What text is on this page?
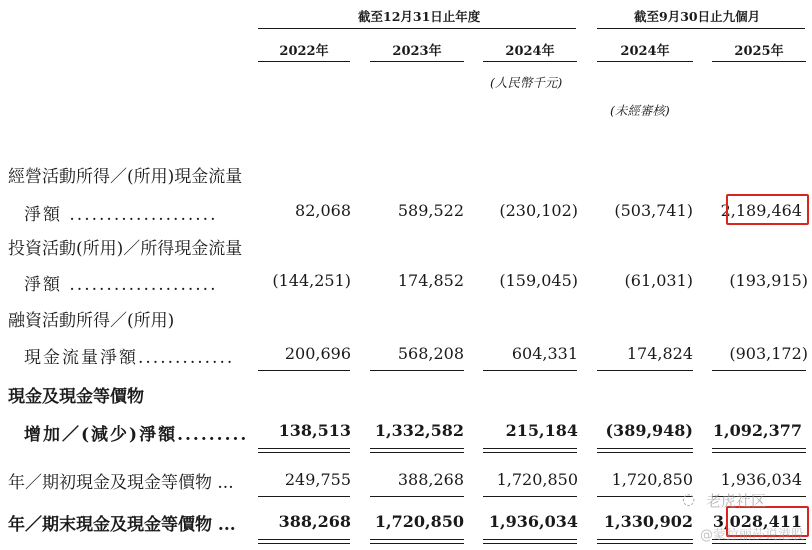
截至12月31日止年度	截至9月30日止九個月
2022年	2023年	2024年	2024年	2025年
(人民幣千元)
(未經審核)
經營活動所得／(所用)現金流量
淨額 ....................	82,068	589,522 (230,102) (503,741) 2,189,464
投資活動(所用)／所得現金流量
淨額 ....................	(144,251)	174,852 (159,045)	(61,031) (193,915)
融資活動所得／(所用)
現金流量淨額.............	200,696	568,208	604,331	174,824 (903,172)
現金及現金等價物
增加／(減少)淨額......... 138,513 1,332,582	215,184 (389,948) 1,092,377
年／期初現金及現金等價物 ...	249,755	388,268 1,720,850 1,720,850 1,936,034
年／期末現金及現金等價物 ...	388,268 1,720,850 1,936,034 1,330,902 3,028,411
◌ 老虎社区
@蒙拉丽莎说港股
